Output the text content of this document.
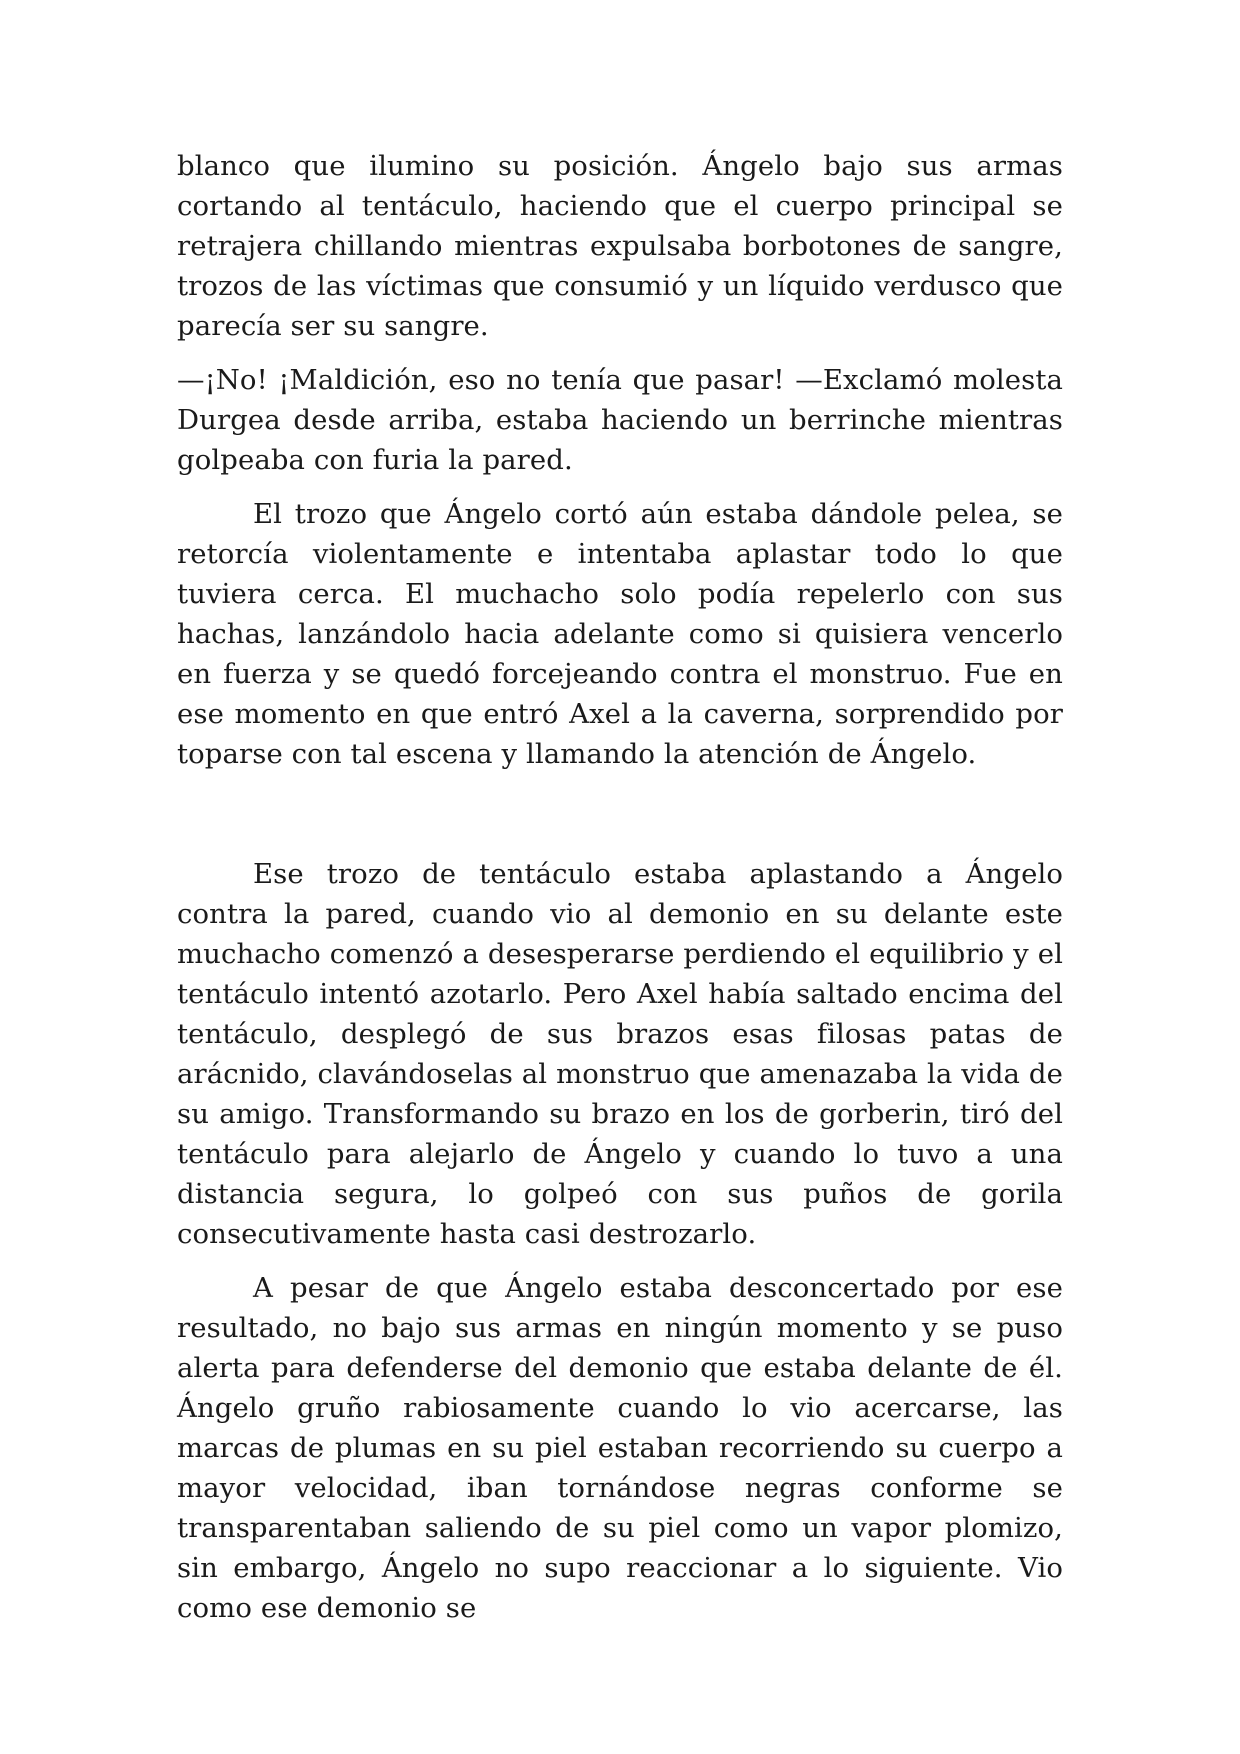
blanco que ilumino su posición. Ángelo bajo sus armas cortando al tentáculo, haciendo que el cuerpo principal se retrajera chillando mientras expulsaba borbotones de sangre, trozos de las víctimas que consumió y un líquido verdusco que parecía ser su sangre.

—¡No! ¡Maldición, eso no tenía que pasar! —Exclamó molesta Durgea desde arriba, estaba haciendo un berrinche mientras golpeaba con furia la pared.

El trozo que Ángelo cortó aún estaba dándole pelea, se retorcía violentamente e intentaba aplastar todo lo que tuviera cerca. El muchacho solo podía repelerlo con sus hachas, lanzándolo hacia adelante como si quisiera vencerlo en fuerza y se quedó forcejeando contra el monstruo. Fue en ese momento en que entró Axel a la caverna, sorprendido por toparse con tal escena y llamando la atención de Ángelo.

Ese trozo de tentáculo estaba aplastando a Ángelo contra la pared, cuando vio al demonio en su delante este muchacho comenzó a desesperarse perdiendo el equilibrio y el tentáculo intentó azotarlo. Pero Axel había saltado encima del tentáculo, desplegó de sus brazos esas filosas patas de arácnido, clavándoselas al monstruo que amenazaba la vida de su amigo. Transformando su brazo en los de gorberin, tiró del tentáculo para alejarlo de Ángelo y cuando lo tuvo a una distancia segura, lo golpeó con sus puños de gorila consecutivamente hasta casi destrozarlo.

A pesar de que Ángelo estaba desconcertado por ese resultado, no bajo sus armas en ningún momento y se puso alerta para defenderse del demonio que estaba delante de él. Ángelo gruño rabiosamente cuando lo vio acercarse, las marcas de plumas en su piel estaban recorriendo su cuerpo a mayor velocidad, iban tornándose negras conforme se transparentaban saliendo de su piel como un vapor plomizo, sin embargo, Ángelo no supo reaccionar a lo siguiente. Vio como ese demonio se
